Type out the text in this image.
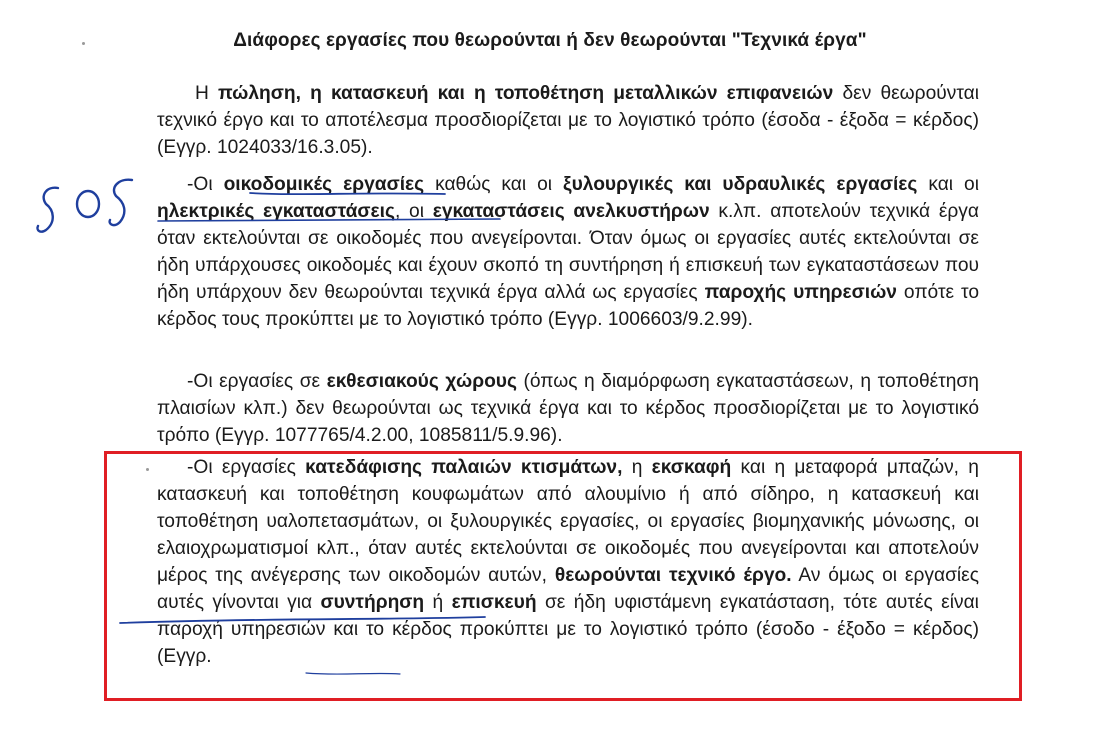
Διάφορες εργασίες που θεωρούνται ή δεν θεωρούνται "Τεχνικά έργα"
Η πώληση, η κατασκευή και η τοποθέτηση μεταλλικών επιφανειών δεν θεωρούνται τεχνικό έργο και το αποτέλεσμα προσδιορίζεται με το λογιστικό τρόπο (έσοδα - έξοδα = κέρδος) (Εγγρ. 1024033/16.3.05).
-Οι οικοδομικές εργασίες καθώς και οι ξυλουργικές και υδραυλικές εργασίες και οι ηλεκτρικές εγκαταστάσεις, οι εγκαταστάσεις ανελκυστήρων κ.λπ. αποτελούν τεχνικά έργα όταν εκτελούνται σε οικοδομές που ανεγείρονται. Όταν όμως οι εργασίες αυτές εκτελούνται σε ήδη υπάρχουσες οικοδομές και έχουν σκοπό τη συντήρηση ή επισκευή των εγκαταστάσεων που ήδη υπάρχουν δεν θεωρούνται τεχνικά έργα αλλά ως εργασίες παροχής υπηρεσιών οπότε το κέρδος τους προκύπτει με το λογιστικό τρόπο (Εγγρ. 1006603/9.2.99).
-Οι εργασίες σε εκθεσιακούς χώρους (όπως η διαμόρφωση εγκαταστάσεων, η τοποθέτηση πλαισίων κλπ.) δεν θεωρούνται ως τεχνικά έργα και το κέρδος προσδιορίζεται με το λογιστικό τρόπο (Εγγρ. 1077765/4.2.00, 1085811/5.9.96).
-Οι εργασίες κατεδάφισης παλαιών κτισμάτων, η εκσκαφή και η μεταφορά μπαζών, η κατασκευή και τοποθέτηση κουφωμάτων από αλουμίνιο ή από σίδηρο, η κατασκευή και τοποθέτηση υαλοπετασμάτων, οι ξυλουργικές εργασίες, οι εργασίες βιομηχανικής μόνωσης, οι ελαιοχρωματισμοί κλπ., όταν αυτές εκτελούνται σε οικοδομές που ανεγείρονται και αποτελούν μέρος της ανέγερσης των οικοδομών αυτών, θεωρούνται τεχνικό έργο. Αν όμως οι εργασίες αυτές γίνονται για συντήρηση ή επισκευή σε ήδη υφιστάμενη εγκατάσταση, τότε αυτές είναι παροχή υπηρεσιών και το κέρδος προκύπτει με το λογιστικό τρόπο (έσοδο - έξοδο = κέρδος) (Εγγρ.
